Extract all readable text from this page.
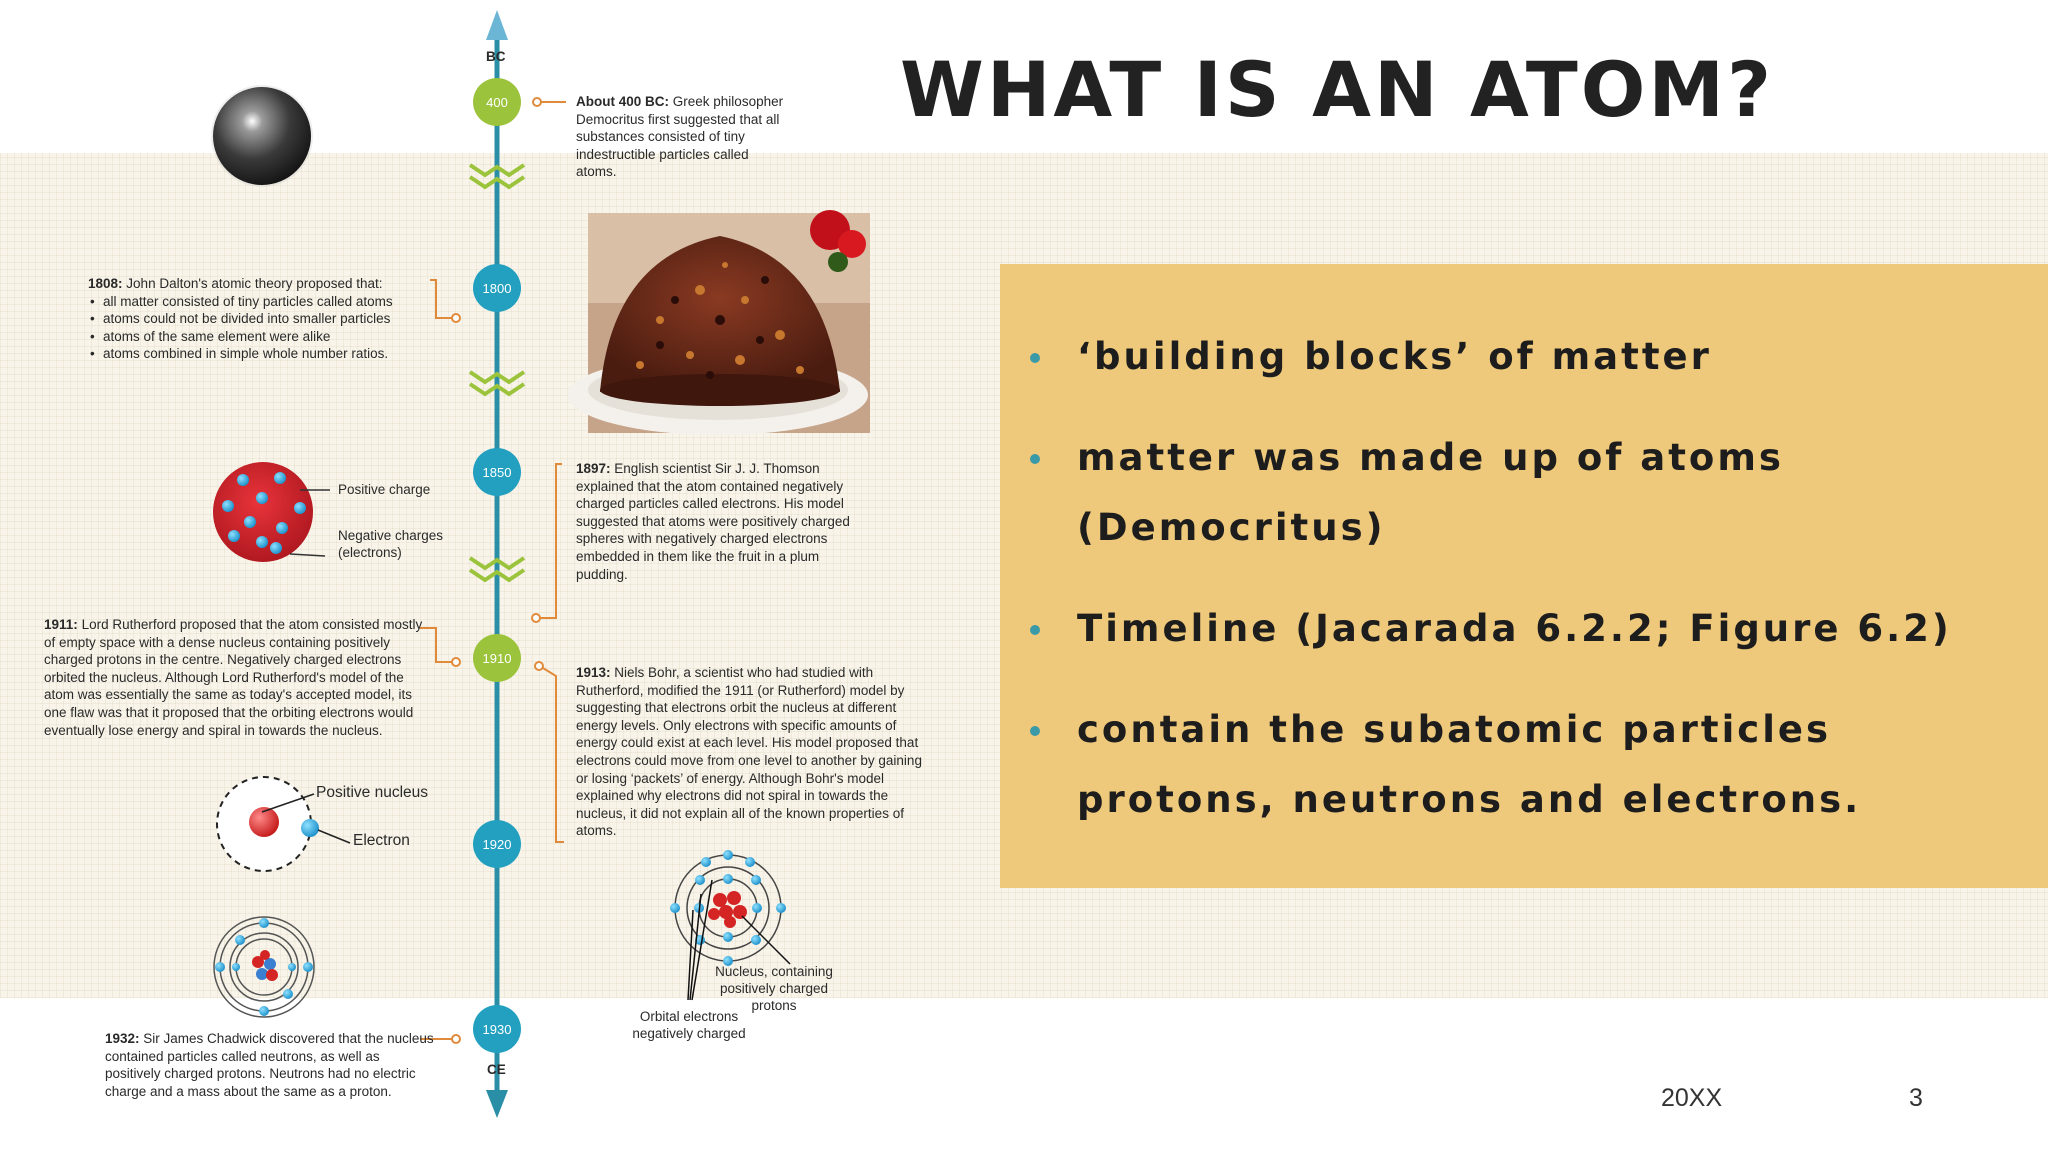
BC
CE
400
1800
1850
1910
1920
1930
About 400 BC: Greek philosopher Democritus first suggested that all substances consisted of tiny indestructible particles called atoms.
1808: John Dalton's atomic theory proposed that:
• all matter consisted of tiny particles called atoms
• atoms could not be divided into smaller particles
• atoms of the same element were alike
• atoms combined in simple whole number ratios.
1897: English scientist Sir J. J. Thomson explained that the atom contained negatively charged particles called electrons. His model suggested that atoms were positively charged spheres with negatively charged electrons embedded in them like the fruit in a plum pudding.
1911: Lord Rutherford proposed that the atom consisted mostly of empty space with a dense nucleus containing positively charged protons in the centre. Negatively charged electrons orbited the nucleus. Although Lord Rutherford's model of the atom was essentially the same as today's accepted model, its one flaw was that it proposed that the orbiting electrons would eventually lose energy and spiral in towards the nucleus.
1913: Niels Bohr, a scientist who had studied with Rutherford, modified the 1911 (or Rutherford) model by suggesting that electrons orbit the nucleus at different energy levels. Only electrons with specific amounts of energy could exist at each level. His model proposed that electrons could move from one level to another by gaining or losing ‘packets’ of energy. Although Bohr's model explained why electrons did not spiral in towards the nucleus, it did not explain all of the known properties of atoms.
1932: Sir James Chadwick discovered that the nucleus contained particles called neutrons, as well as positively charged protons. Neutrons had no electric charge and a mass about the same as a proton.
Positive charge
Negative charges (electrons)
Positive nucleus
Electron
Nucleus, containing positively charged protons
Orbital electrons negatively charged
WHAT IS AN ATOM?
‘building blocks’ of matter
matter was made up of atoms (Democritus)
Timeline (Jacarada 6.2.2; Figure 6.2)
contain the subatomic particles protons, neutrons and electrons.
20XX	3
